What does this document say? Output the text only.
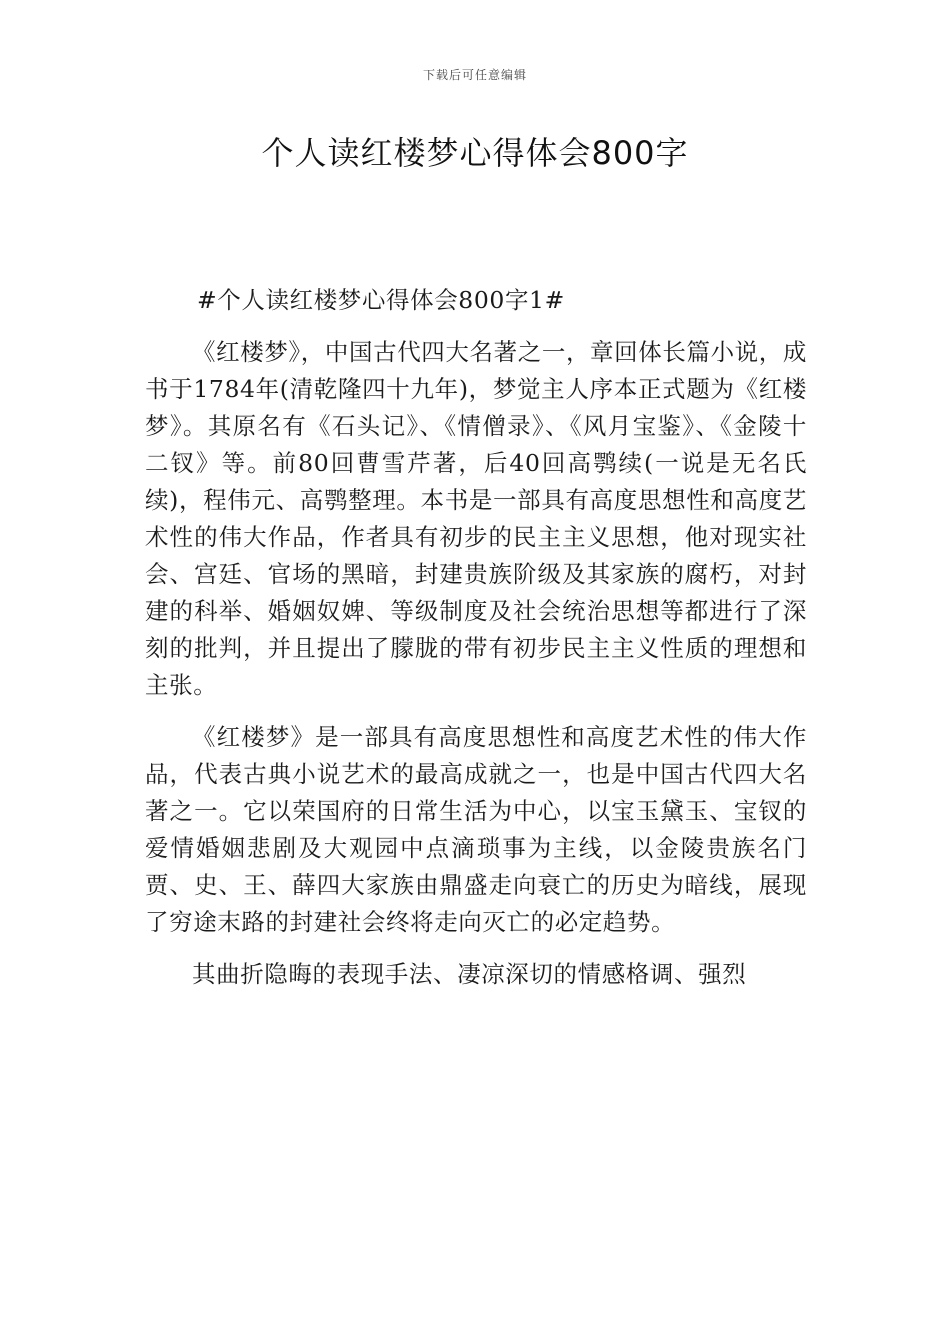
下载后可任意编辑
个人读红楼梦心得体会800字

#个人读红楼梦心得体会800字1#

《红楼梦》，中国古代四大名著之一，章回体长篇小说，成书于1784年(清乾隆四十九年)，梦觉主人序本正式题为《红楼梦》。其原名有《石头记》、《情僧录》、《风月宝鉴》、《金陵十二钗》等。前80回曹雪芹著，后40回高鹗续(一说是无名氏续)，程伟元、高鹗整理。本书是一部具有高度思想性和高度艺术性的伟大作品，作者具有初步的民主主义思想，他对现实社会、宫廷、官场的黑暗，封建贵族阶级及其家族的腐朽，对封建的科举、婚姻奴婢、等级制度及社会统治思想等都进行了深刻的批判，并且提出了朦胧的带有初步民主主义性质的理想和主张。

《红楼梦》是一部具有高度思想性和高度艺术性的伟大作品，代表古典小说艺术的最高成就之一，也是中国古代四大名著之一。它以荣国府的日常生活为中心，以宝玉黛玉、宝钗的爱情婚姻悲剧及大观园中点滴琐事为主线，以金陵贵族名门贾、史、王、薛四大家族由鼎盛走向衰亡的历史为暗线，展现了穷途末路的封建社会终将走向灭亡的必定趋势。

其曲折隐晦的表现手法、凄凉深切的情感格调、强烈
